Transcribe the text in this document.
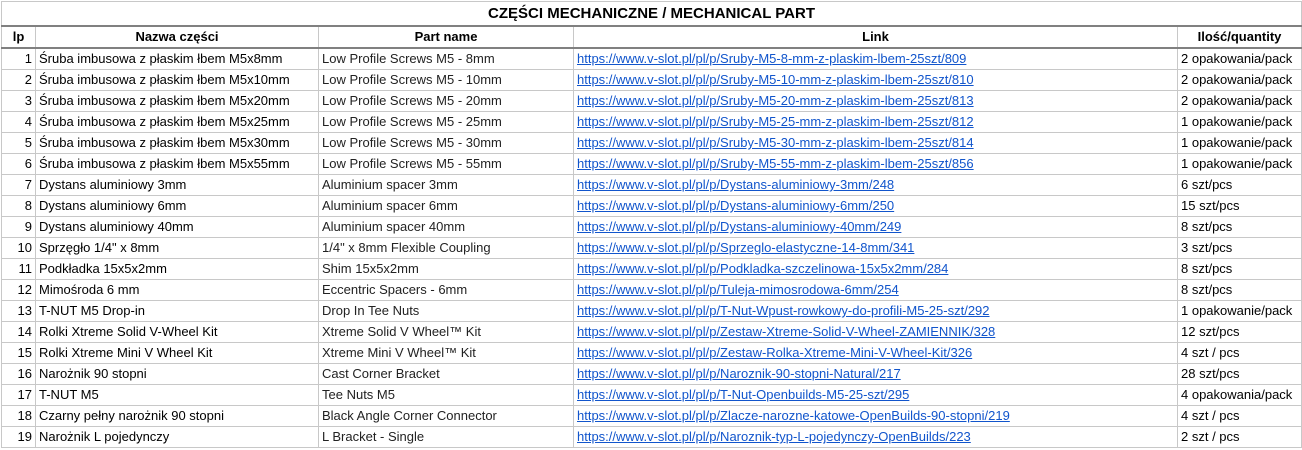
CZĘŚCI MECHANICZNE / MECHANICAL PART				
lp	Nazwa części	Part name	Link	Ilość/quantity
1	Śruba imbusowa z płaskim łbem M5x8mm	Low Profile Screws M5 - 8mm	https://www.v-slot.pl/pl/p/Sruby-M5-8-mm-z-plaskim-lbem-25szt/809	2 opakowania/pack
2	Śruba imbusowa z płaskim łbem M5x10mm	Low Profile Screws M5 - 10mm	https://www.v-slot.pl/pl/p/Sruby-M5-10-mm-z-plaskim-lbem-25szt/810	2 opakowania/pack
3	Śruba imbusowa z płaskim łbem M5x20mm	Low Profile Screws M5 - 20mm	https://www.v-slot.pl/pl/p/Sruby-M5-20-mm-z-plaskim-lbem-25szt/813	2 opakowania/pack
4	Śruba imbusowa z płaskim łbem M5x25mm	Low Profile Screws M5 - 25mm	https://www.v-slot.pl/pl/p/Sruby-M5-25-mm-z-plaskim-lbem-25szt/812	1 opakowanie/pack
5	Śruba imbusowa z płaskim łbem M5x30mm	Low Profile Screws M5 - 30mm	https://www.v-slot.pl/pl/p/Sruby-M5-30-mm-z-plaskim-lbem-25szt/814	1 opakowanie/pack
6	Śruba imbusowa z płaskim łbem M5x55mm	Low Profile Screws M5 - 55mm	https://www.v-slot.pl/pl/p/Sruby-M5-55-mm-z-plaskim-lbem-25szt/856	1 opakowanie/pack
7	Dystans aluminiowy 3mm	Aluminium spacer 3mm	https://www.v-slot.pl/pl/p/Dystans-aluminiowy-3mm/248	6 szt/pcs
8	Dystans aluminiowy 6mm	Aluminium spacer 6mm	https://www.v-slot.pl/pl/p/Dystans-aluminiowy-6mm/250	15 szt/pcs
9	Dystans aluminiowy 40mm	Aluminium spacer 40mm	https://www.v-slot.pl/pl/p/Dystans-aluminiowy-40mm/249	8 szt/pcs
10	Sprzęgło 1/4" x 8mm	1/4" x 8mm Flexible Coupling	https://www.v-slot.pl/pl/p/Sprzeglo-elastyczne-14-8mm/341	3 szt/pcs
11	Podkładka 15x5x2mm	Shim 15x5x2mm	https://www.v-slot.pl/pl/p/Podkladka-szczelinowa-15x5x2mm/284	8 szt/pcs
12	Mimośroda 6 mm	Eccentric Spacers - 6mm	https://www.v-slot.pl/pl/p/Tuleja-mimosrodowa-6mm/254	8 szt/pcs
13	T-NUT M5 Drop-in	Drop In Tee Nuts	https://www.v-slot.pl/pl/p/T-Nut-Wpust-rowkowy-do-profili-M5-25-szt/292	1 opakowanie/pack
14	Rolki Xtreme Solid V-Wheel Kit	Xtreme Solid V Wheel™ Kit	https://www.v-slot.pl/pl/p/Zestaw-Xtreme-Solid-V-Wheel-ZAMIENNIK/328	12 szt/pcs
15	Rolki Xtreme Mini V Wheel Kit	Xtreme Mini V Wheel™ Kit	https://www.v-slot.pl/pl/p/Zestaw-Rolka-Xtreme-Mini-V-Wheel-Kit/326	4 szt / pcs
16	Narożnik 90 stopni	Cast Corner Bracket	https://www.v-slot.pl/pl/p/Naroznik-90-stopni-Natural/217	28 szt/pcs
17	T-NUT M5	Tee Nuts M5	https://www.v-slot.pl/pl/p/T-Nut-Openbuilds-M5-25-szt/295	4 opakowania/pack
18	Czarny pełny narożnik 90 stopni	Black Angle Corner Connector	https://www.v-slot.pl/pl/p/Zlacze-narozne-katowe-OpenBuilds-90-stopni/219	4 szt / pcs
19	Narożnik L pojedynczy	L Bracket - Single	https://www.v-slot.pl/pl/p/Naroznik-typ-L-pojedynczy-OpenBuilds/223	2 szt / pcs
